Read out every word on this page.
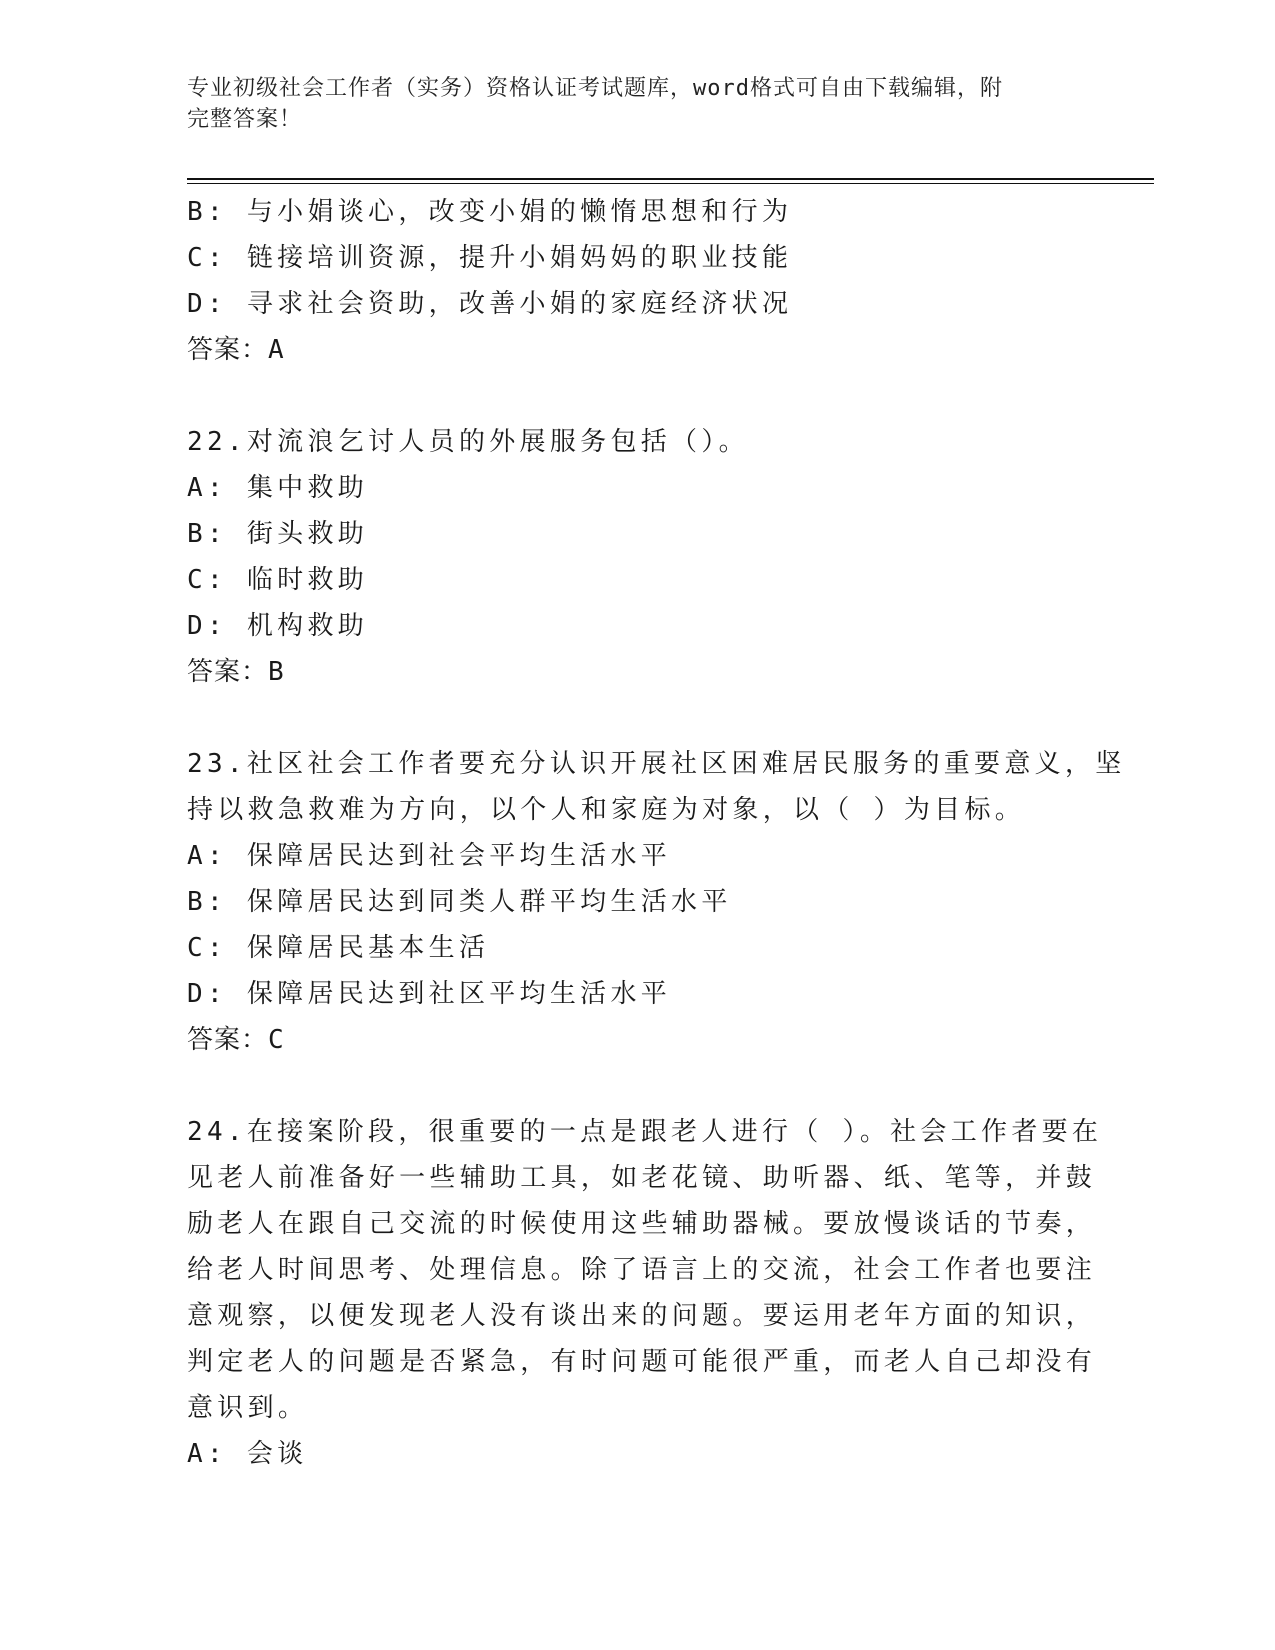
专业初级社会工作者（实务）资格认证考试题库，word格式可自由下载编辑，附
完整答案！
B: 与小娟谈心，改变小娟的懒惰思想和行为
C: 链接培训资源，提升小娟妈妈的职业技能
D: 寻求社会资助，改善小娟的家庭经济状况
答案：A
22.对流浪乞讨人员的外展服务包括（）。
A: 集中救助
B: 街头救助
C: 临时救助
D: 机构救助
答案：B
23.社区社会工作者要充分认识开展社区困难居民服务的重要意义，坚
持以救急救难为方向，以个人和家庭为对象，以（ ）为目标。
A: 保障居民达到社会平均生活水平
B: 保障居民达到同类人群平均生活水平
C: 保障居民基本生活
D: 保障居民达到社区平均生活水平
答案：C
24.在接案阶段，很重要的一点是跟老人进行（ ）。社会工作者要在
见老人前准备好一些辅助工具，如老花镜、助听器、纸、笔等，并鼓
励老人在跟自己交流的时候使用这些辅助器械。要放慢谈话的节奏，
给老人时间思考、处理信息。除了语言上的交流，社会工作者也要注
意观察，以便发现老人没有谈出来的问题。要运用老年方面的知识，
判定老人的问题是否紧急，有时问题可能很严重，而老人自己却没有
意识到。
A: 会谈
